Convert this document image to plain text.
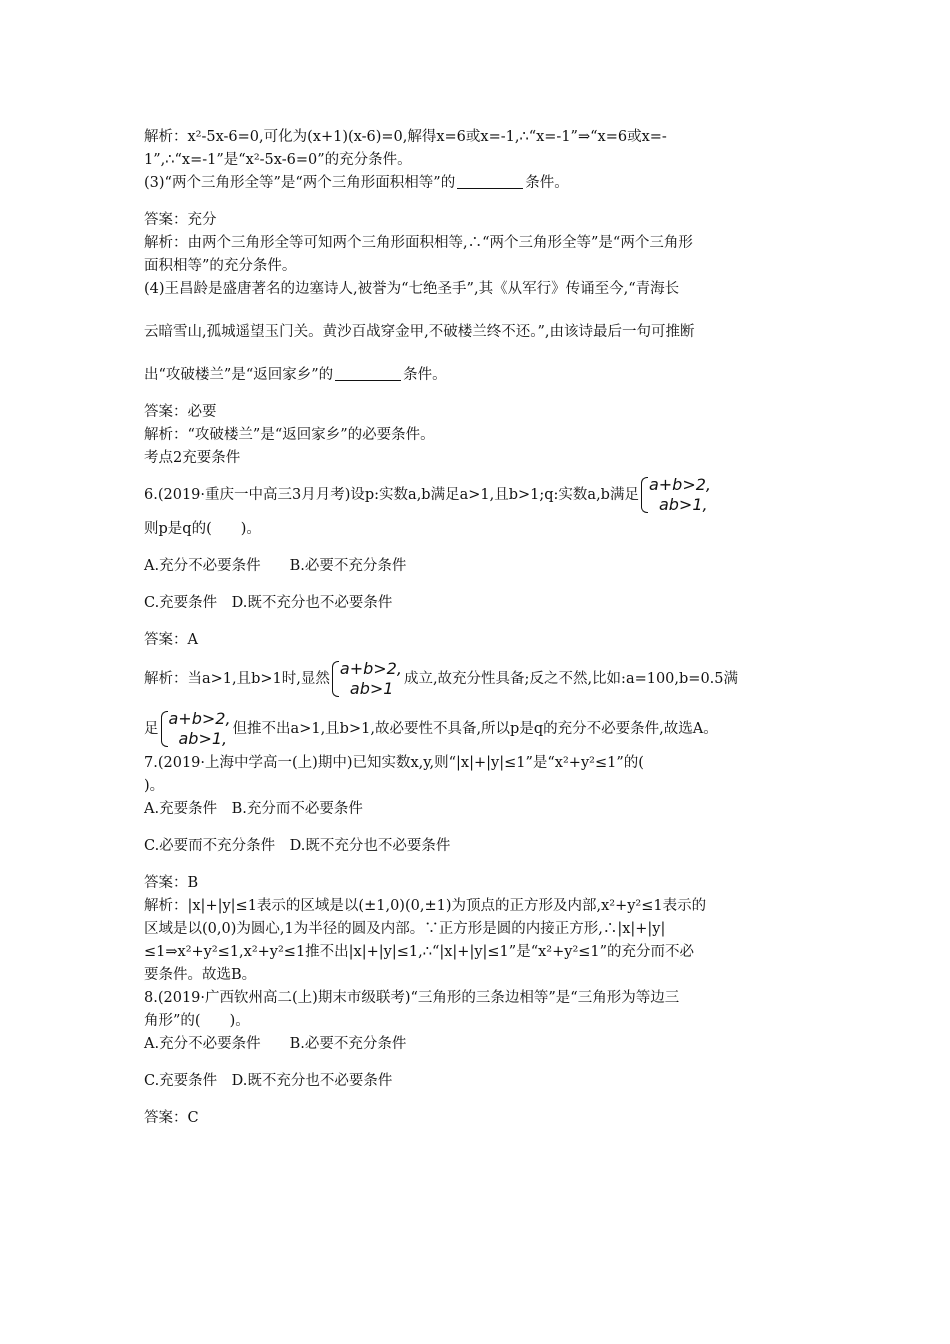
解析：x²-5x-6=0,可化为(x+1)(x-6)=0,解得x=6或x=-1,∴“x=-1”⇒“x=6或x=-
1”,∴“x=-1”是“x²-5x-6=0”的充分条件。
(3)“两个三角形全等”是“两个三角形面积相等”的	条件。
答案：充分
解析：由两个三角形全等可知两个三角形面积相等,∴“两个三角形全等”是“两个三角形
面积相等”的充分条件。
(4)王昌龄是盛唐著名的边塞诗人,被誉为“七绝圣手”,其《从军行》传诵至今,“青海长
云暗雪山,孤城遥望玉门关。黄沙百战穿金甲,不破楼兰终不还。”,由该诗最后一句可推断
出“攻破楼兰”是“返回家乡”的	条件。
答案：必要
解析：“攻破楼兰”是“返回家乡”的必要条件。
考点2充要条件
6.(2019·重庆一中高三3月月考)设p:实数a,b满足a>1,且b>1;q:实数a,b满足
a+b>2,
ab>1,
则p是q的(　　)。
A.充分不必要条件　　B.必要不充分条件
C.充要条件　D.既不充分也不必要条件
答案：A
解析：当a>1,且b>1时,显然
a+b>2,
ab>1 成立,故充分性具备;反之不然,比如:a=100,b=0.5满
足
a+b>2,
ab>1, 但推不出a>1,且b>1,故必要性不具备,所以p是q的充分不必要条件,故选A。
7.(2019·上海中学高一(上)期中)已知实数x,y,则“|x|+|y|≤1”是“x²+y²≤1”的(
)。
A.充要条件　B.充分而不必要条件
C.必要而不充分条件　D.既不充分也不必要条件
答案：B
解析：|x|+|y|≤1表示的区域是以(±1,0)(0,±1)为顶点的正方形及内部,x²+y²≤1表示的
区域是以(0,0)为圆心,1为半径的圆及内部。∵正方形是圆的内接正方形,∴|x|+|y|
≤1⇒x²+y²≤1,x²+y²≤1推不出|x|+|y|≤1,∴“|x|+|y|≤1”是“x²+y²≤1”的充分而不必
要条件。故选B。
8.(2019·广西钦州高二(上)期末市级联考)“三角形的三条边相等”是“三角形为等边三
角形”的(　　)。
A.充分不必要条件　　B.必要不充分条件
C.充要条件　D.既不充分也不必要条件
答案：C
